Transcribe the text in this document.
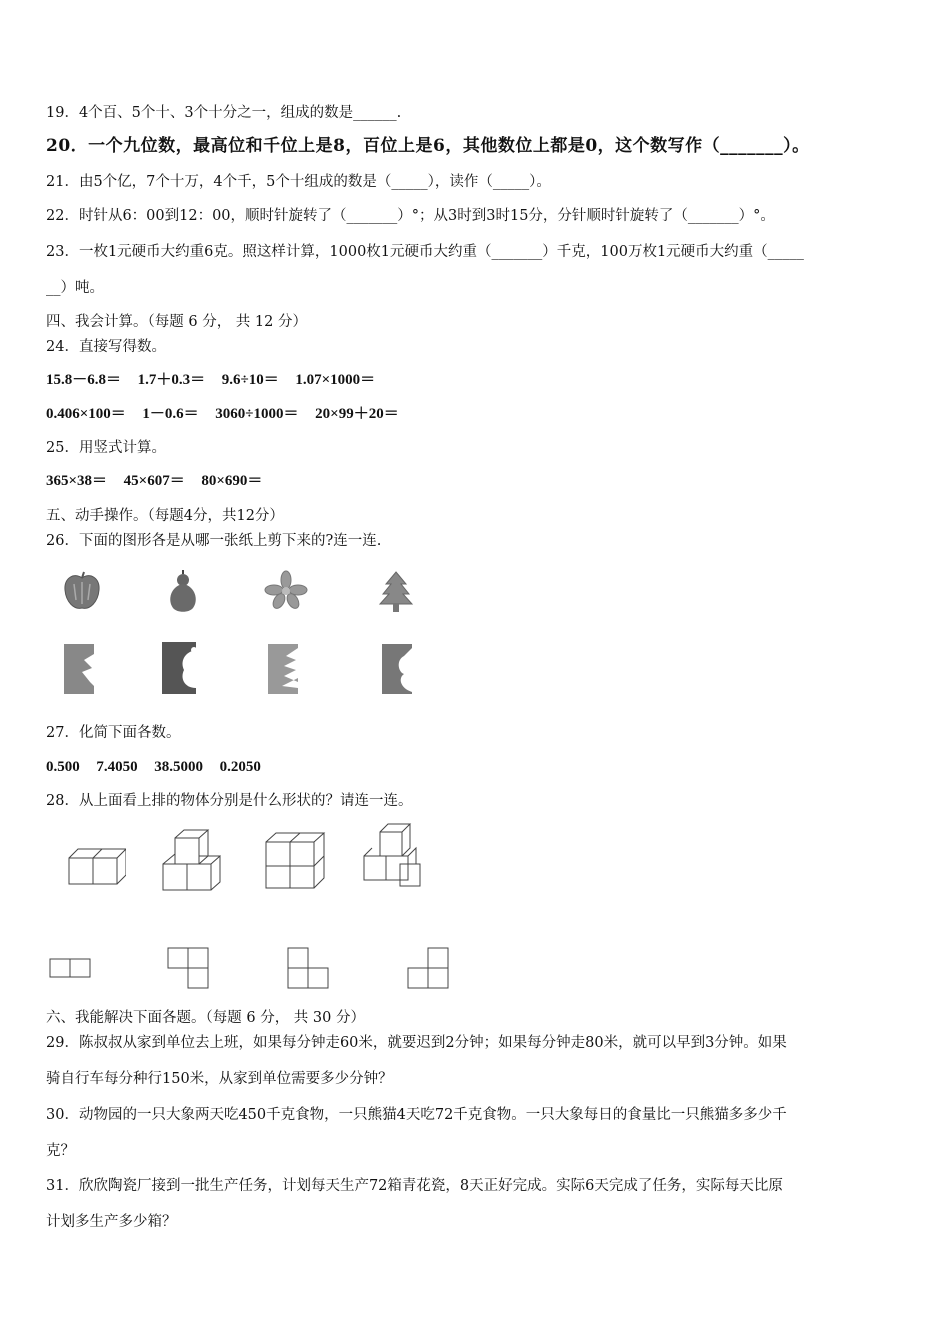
19．4个百、5个十、3个十分之一，组成的数是______.
20．一个九位数，最高位和千位上是8，百位上是6，其他数位上都是0，这个数写作（_______）。
21．由5个亿，7个十万，4个千，5个十组成的数是（_____），读作（_____）。
22．时针从6：00到12：00，顺时针旋转了（_______）°；从3时到3时15分，分针顺时针旋转了（_______）°。
23．一枚1元硬币大约重6克。照这样计算，1000枚1元硬币大约重（_______）千克，100万枚1元硬币大约重（_____
__）吨。
四、我会计算。（每题 6 分， 共 12 分）
24．直接写得数。
15.8－6.8＝ 1.7＋0.3＝ 9.6÷10＝ 1.07×1000＝
0.406×100＝ 1－0.6＝ 3060÷1000＝ 20×99＋20＝
25．用竖式计算。
365×38＝ 45×607＝ 80×690＝
五、动手操作。（每题4分，共12分）
26．下面的图形各是从哪一张纸上剪下来的?连一连.
27．化简下面各数。
0.500 7.4050 38.5000 0.2050
28．从上面看上排的物体分别是什么形状的？请连一连。
六、我能解决下面各题。（每题 6 分， 共 30 分）
29．陈叔叔从家到单位去上班，如果每分钟走60米，就要迟到2分钟；如果每分钟走80米，就可以早到3分钟。如果
骑自行车每分种行150米，从家到单位需要多少分钟？
30．动物园的一只大象两天吃450千克食物，一只熊猫4天吃72千克食物。一只大象每日的食量比一只熊猫多多少千
克？
31．欣欣陶瓷厂接到一批生产任务，计划每天生产72箱青花瓷，8天正好完成。实际6天完成了任务，实际每天比原
计划多生产多少箱？
